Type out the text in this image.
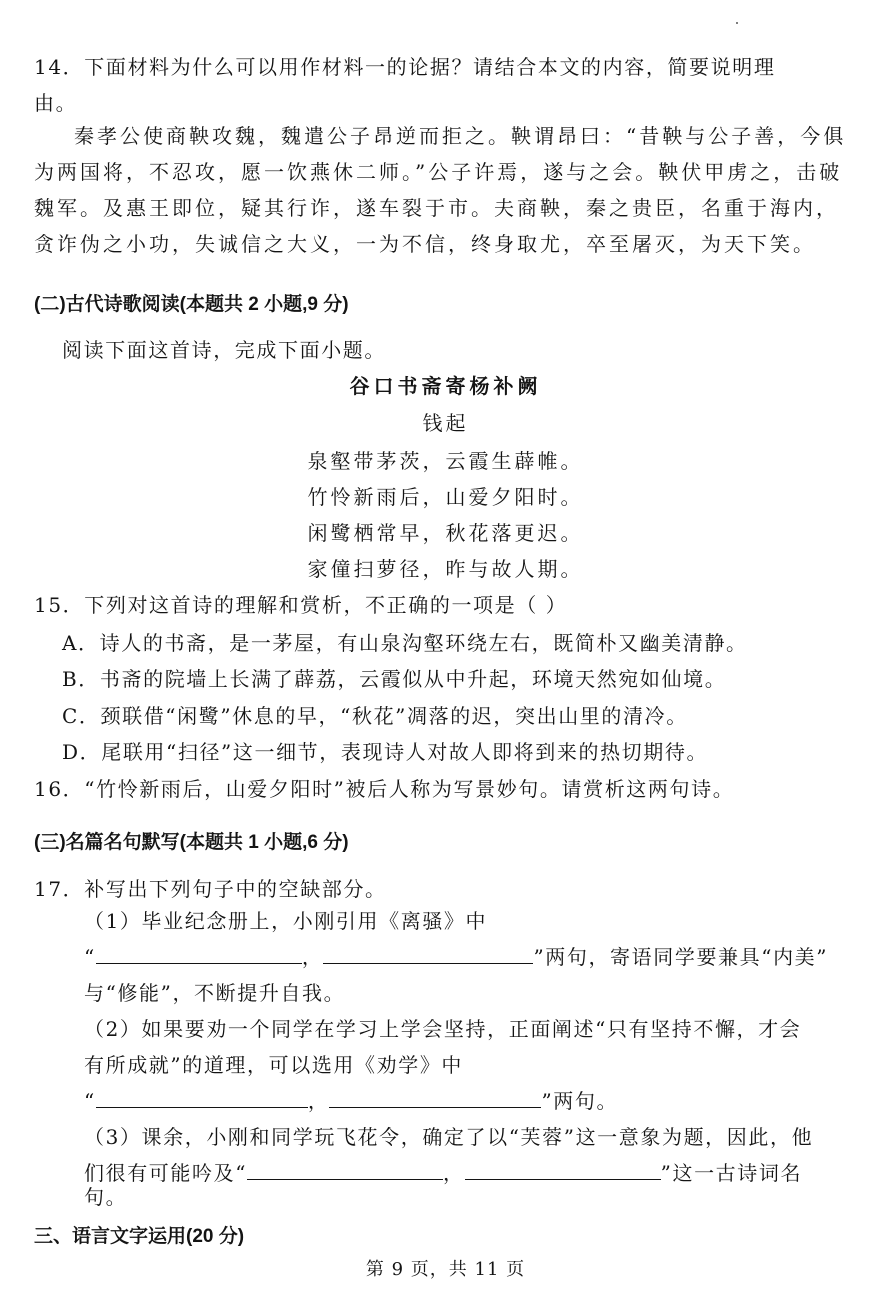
14．下面材料为什么可以用作材料一的论据？请结合本文的内容，简要说明理
由。
秦孝公使商鞅攻魏，魏遣公子昂逆而拒之。鞅谓昂曰：“昔鞅与公子善，今俱为两国将，不忍攻，愿一饮燕休二师。”公子许焉，遂与之会。鞅伏甲虏之，击破魏军。及惠王即位，疑其行诈，遂车裂于市。夫商鞅，秦之贵臣，名重于海内，贪诈伪之小功，失诚信之大义，一为不信，终身取尤，卒至屠灭，为天下笑。
(二)古代诗歌阅读(本题共 2 小题,9 分)
阅读下面这首诗，完成下面小题。
谷口书斋寄杨补阙
钱起
泉壑带茅茨，云霞生薜帷。
竹怜新雨后，山爱夕阳时。
闲鹭栖常早，秋花落更迟。
家僮扫萝径，昨与故人期。
15．下列对这首诗的理解和赏析，不正确的一项是（ ）
A．诗人的书斋，是一茅屋，有山泉沟壑环绕左右，既简朴又幽美清静。
B．书斋的院墙上长满了薜荔，云霞似从中升起，环境天然宛如仙境。
C．颈联借“闲鹭”休息的早，“秋花”凋落的迟，突出山里的清冷。
D．尾联用“扫径”这一细节，表现诗人对故人即将到来的热切期待。
16．“竹怜新雨后，山爱夕阳时”被后人称为写景妙句。请赏析这两句诗。
(三)名篇名句默写(本题共 1 小题,6 分)
17．补写出下列句子中的空缺部分。
（1）毕业纪念册上，小刚引用《离骚》中
“	，	”两句，寄语同学要兼具“内美”
与“修能”，不断提升自我。
（2）如果要劝一个同学在学习上学会坚持，正面阐述“只有坚持不懈，才会
有所成就”的道理，可以选用《劝学》中
“	，	”两句。
（3）课余，小刚和同学玩飞花令，确定了以“芙蓉”这一意象为题，因此，他
们很有可能吟及“	，	”这一古诗词名
句。
三、语言文字运用(20 分)
第 9 页，共 11 页
